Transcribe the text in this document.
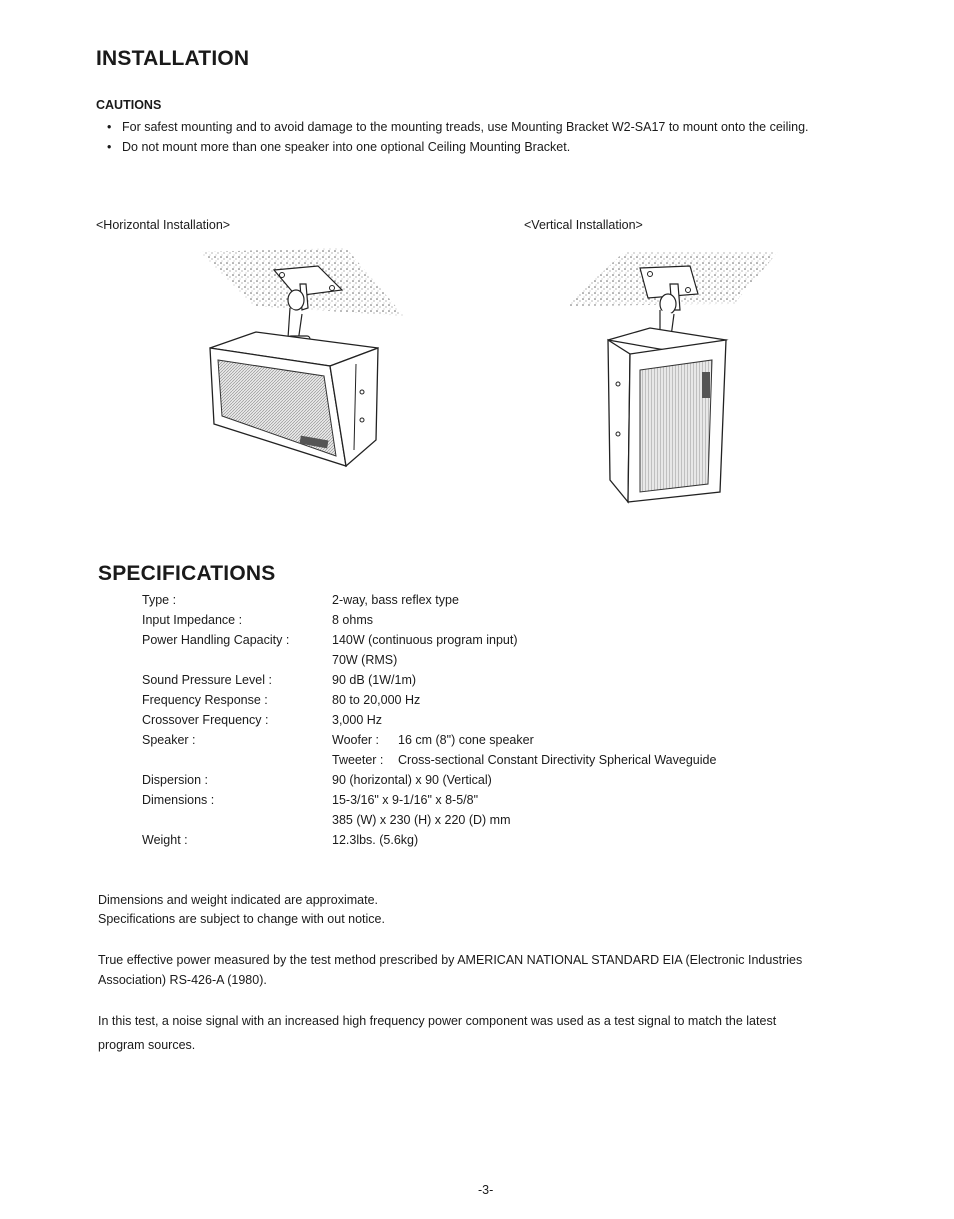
INSTALLATION
CAUTIONS
• For safest mounting and to avoid damage to the mounting treads, use Mounting Bracket W2-SA17 to mount onto the ceiling.
• Do not mount more than one speaker into one optional Ceiling Mounting Bracket.
<Horizontal Installation>	<Vertical Installation>
SPECIFICATIONS
Type :	2-way, bass reflex type
Input Impedance :	8 ohms
Power Handling Capacity :	140W (continuous program input)
70W (RMS)
Sound Pressure Level :	90 dB (1W/1m)
Frequency Response :	80 to 20,000 Hz
Crossover Frequency :	3,000 Hz
Speaker :	Woofer : 16 cm (8") cone speaker
Tweeter : Cross-sectional Constant Directivity Spherical Waveguide
Dispersion :	90 (horizontal) x 90 (Vertical)
Dimensions :	15-3/16" x 9-1/16" x 8-5/8"
385 (W) x 230 (H) x 220 (D) mm
Weight :	12.3lbs. (5.6kg)
Dimensions and weight indicated are approximate.
Specifications are subject to change with out notice.
True effective power measured by the test method prescribed by AMERICAN NATIONAL STANDARD EIA (Electronic Industries
Association) RS-426-A (1980).
In this test, a noise signal with an increased high frequency power component was used as a test signal to match the latest
program sources.
-3-
